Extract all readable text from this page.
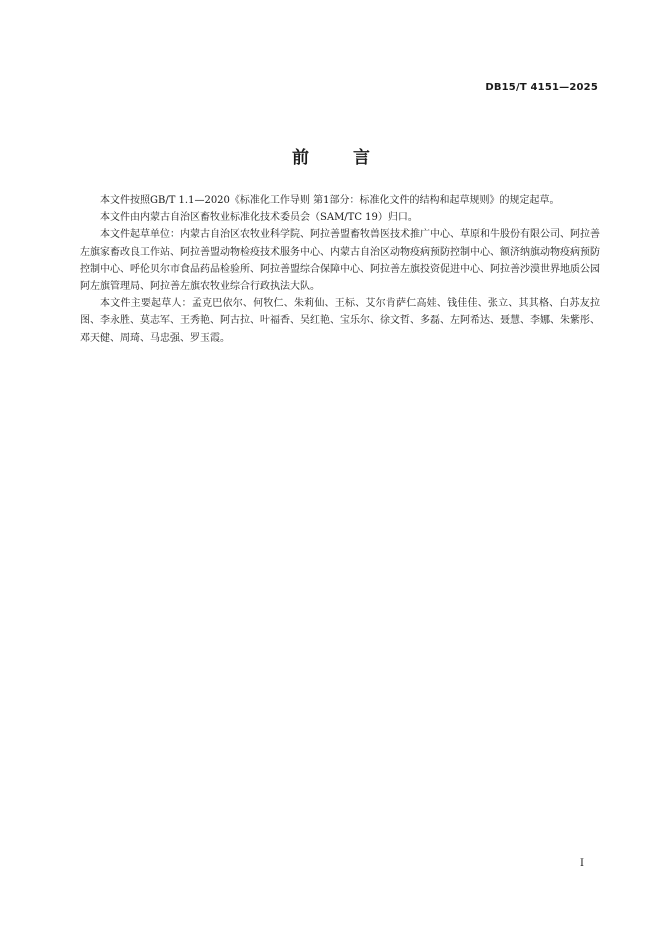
DB15/T 4151—2025
前	言

本文件按照GB/T 1.1—2020《标准化工作导则 第1部分：标准化文件的结构和起草规则》的规定起草。

本文件由内蒙古自治区畜牧业标准化技术委员会（SAM/TC 19）归口。

本文件起草单位：内蒙古自治区农牧业科学院、阿拉善盟畜牧兽医技术推广中心、草原和牛股份有限公司、阿拉善左旗家畜改良工作站、阿拉善盟动物检疫技术服务中心、内蒙古自治区动物疫病预防控制中心、额济纳旗动物疫病预防控制中心、呼伦贝尔市食品药品检验所、阿拉善盟综合保障中心、阿拉善左旗投资促进中心、阿拉善沙漠世界地质公园阿左旗管理局、阿拉善左旗农牧业综合行政执法大队。

本文件主要起草人：孟克巴依尔、何牧仁、朱莉仙、王标、艾尔肯萨仁高娃、钱佳佳、张立、其其格、白苏友拉图、李永胜、莫志军、王秀艳、阿古拉、叶福香、吴红艳、宝乐尔、徐文哲、多磊、左阿希达、聂慧、李娜、朱紫彤、邓天健、周琦、马忠强、罗玉霞。

I
